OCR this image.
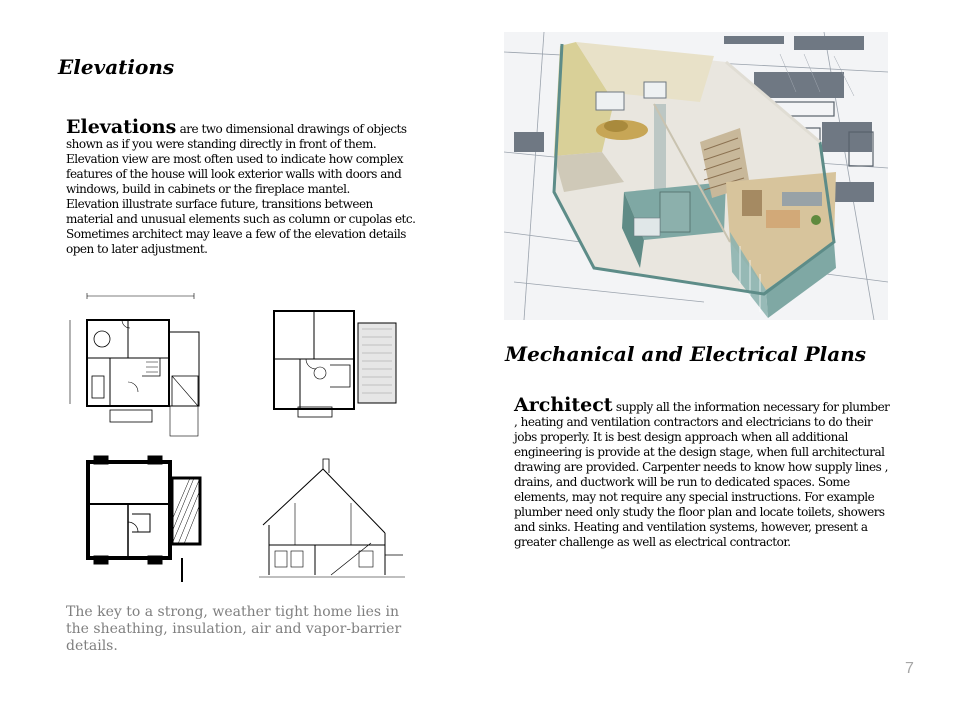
Elevations
Elevations are two dimensional drawings of objects shown as if you were standing directly in front of them. Elevation view are most often used to indicate how complex features of the house will look exterior walls with doors and windows, build in cabinets or the fireplace mantel.
Elevation illustrate surface future, transitions between material and unusual elements such as column or cupolas etc. Sometimes architect may leave a few of the elevation details open to later adjustment.
The key to a strong, weather tight home lies in the sheathing, insulation, air and vapor-barrier details.
Mechanical and Electrical Plans
Architect supply all the information necessary for plumber , heating and ventilation contractors and electricians to do their jobs properly. It is best design approach when all additional engineering is provide at the design stage, when full architectural drawing are provided. Carpenter needs to know how supply lines , drains, and ductwork will be run to dedicated spaces. Some elements, may not require any special instructions. For example plumber need only study the floor plan and locate toilets, showers and sinks. Heating and ventilation systems, however, present a greater challenge as well as electrical contractor.
7
